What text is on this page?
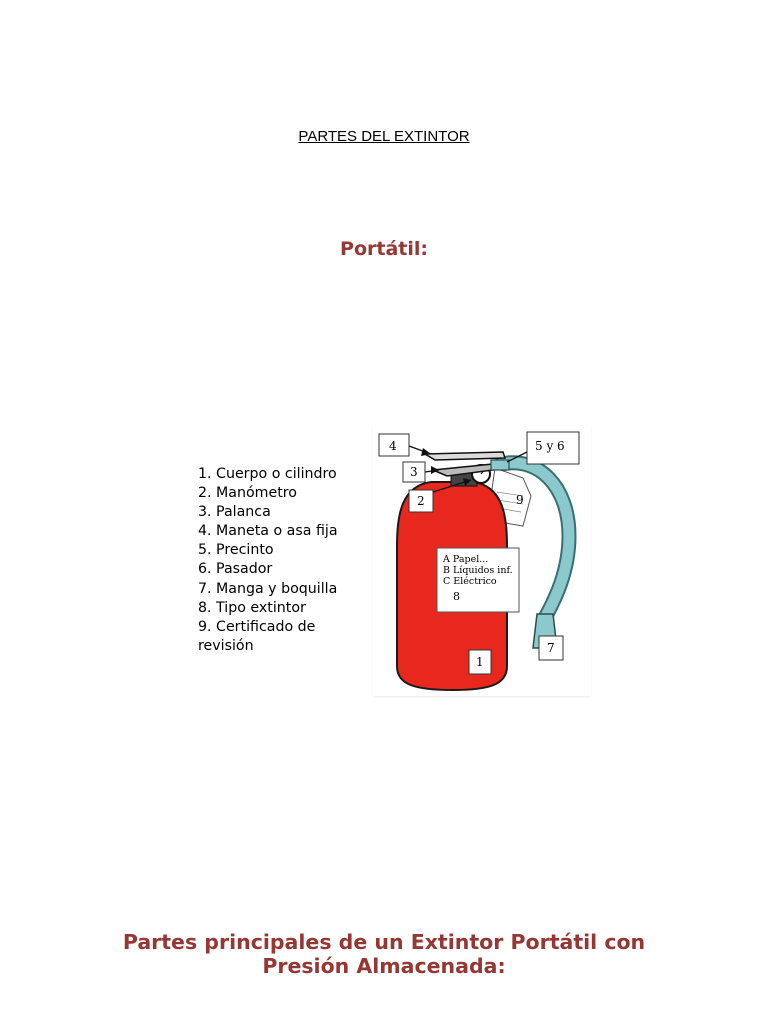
PARTES DEL EXTINTOR
Portátil:
1. Cuerpo o cilindro
2. Manómetro
3. Palanca
4. Maneta o asa fija
5. Precinto
6. Pasador
7. Manga y boquilla
8. Tipo extintor
9. Certificado de revisión
A Papel...
B Líquidos inf.
C Eléctrico
8
9
4
3
2
5 y 6
7
1
Partes principales de un Extintor Portátil con
Presión Almacenada:
